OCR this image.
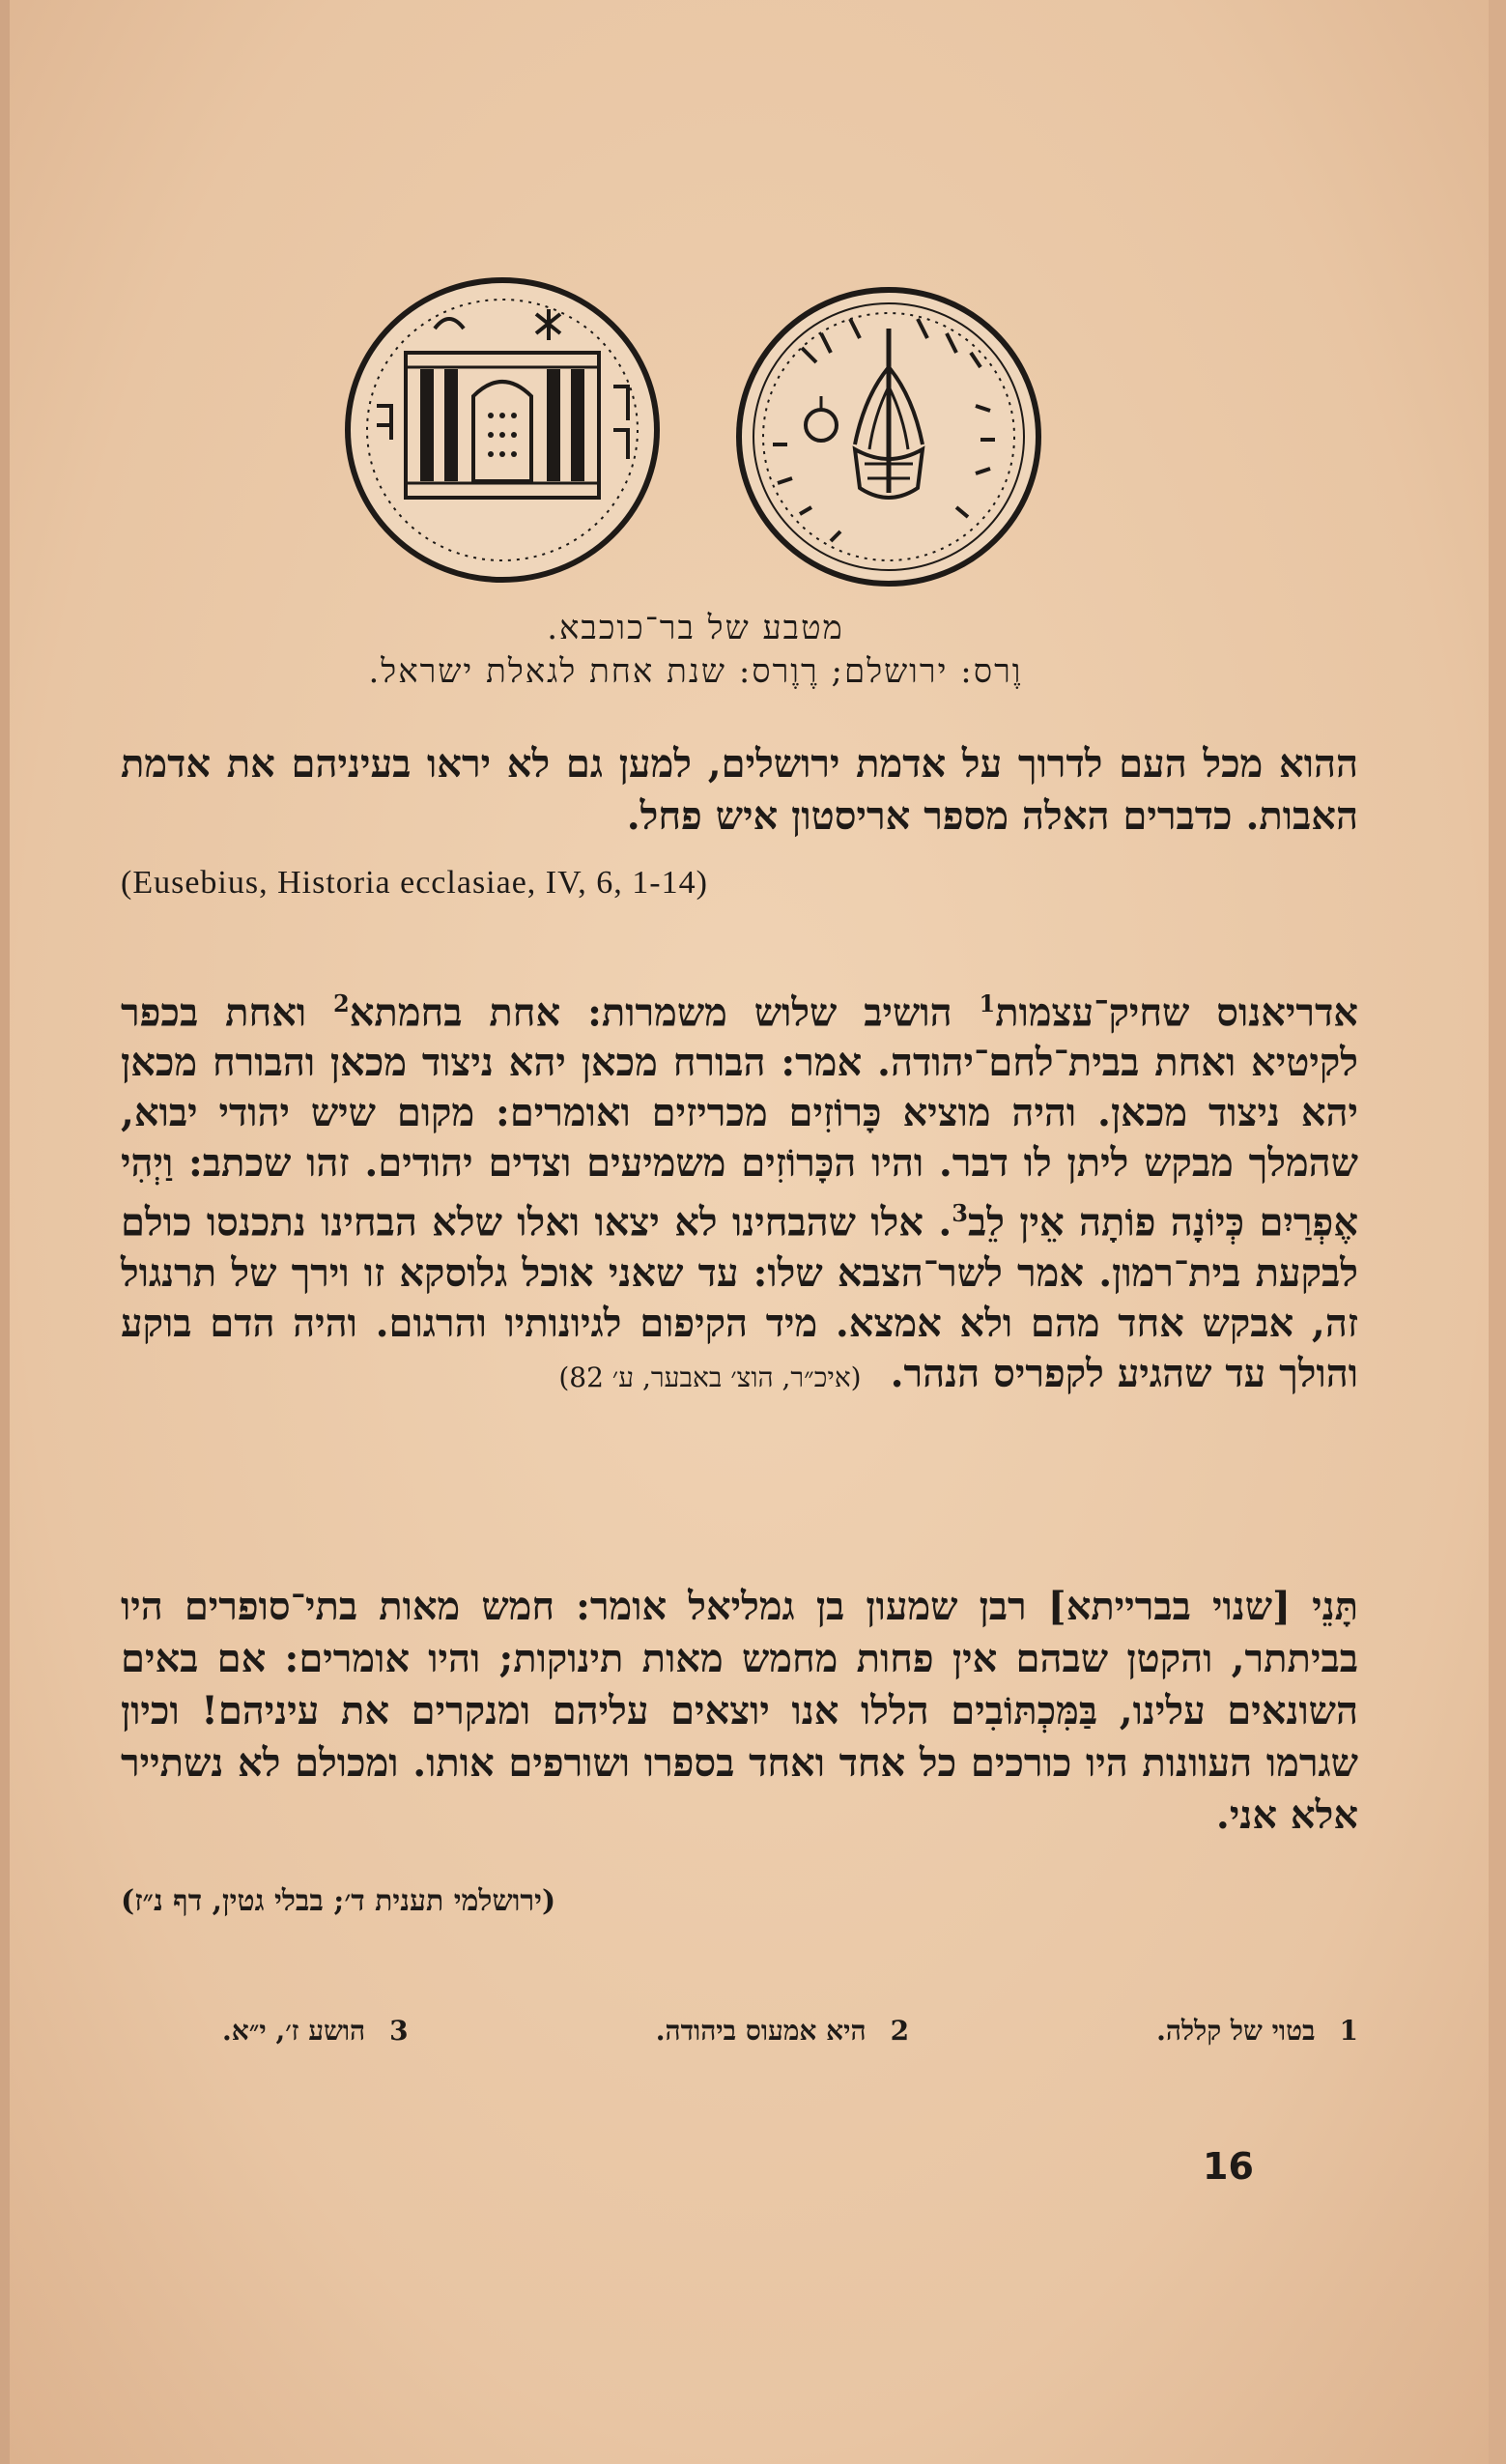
מטבע של בר־כוכבא.
וֶרס: ירושלם; רֶוֶרס: שנת אחת לגאלת ישראל.
ההוא מכל העם לדרוך על אדמת ירושלים, למען גם לא יראו בעיניהם את אדמת האבות. כדברים האלה מספר אריסטון איש פחל.
(Eusebius, Historia ecclasiae, IV, 6, 1-14)
אדריאנוס שחיק־עצמות$^1$ הושיב שלוש משמרות: אחת בחמתא$^2$ ואחת בכפר לקיטיא ואחת בבית־לחם־יהודה. אמר: הבורח מכאן יהא ניצוד מכאן והבורח מכאן יהא ניצוד מכאן. והיה מוציא כָּרוֹזִים מכריזים ואומרים: מקום שיש יהודי יבוא, שהמלך מבקש ליתן לו דבר. והיו הכָּרוֹזִים משמיעים וצדים יהודים. זהו שכתב: וַיְהִי אֶפְרַיִם כְּיוֹנָה פוֹתָה אֵין לֵב$^3$. אלו שהבחינו לא יצאו ואלו שלא הבחינו נתכנסו כולם לבקעת בית־רמון. אמר לשר־הצבא שלו: עד שאני אוכל גלוסקא זו וירך של תרנגול זה, אבקש אחד מהם ולא אמצא. מיד הקיפום לגיונותיו והרגום. והיה הדם בוקע והולך עד שהגיע לקפריס הנהר.(איכ״ר, הוצ׳ באבער, ע׳ 82)
תָּנֵי [שנוי בברייתא] רבן שמעון בן גמליאל אומר: חמש מאות בתי־סופרים היו בביתתר, והקטן שבהם אין פחות מחמש מאות תינוקות; והיו אומרים: אם באים השונאים עלינו, בַּמִּכְתּוֹבִים הללו אנו יוצאים עליהם ומנקרים את עיניהם! וכיון שגרמו העוונות היו כורכים כל אחד ואחד בספרו ושורפים אותו. ומכולם לא נשתייר אלא אני.
(ירושלמי תענית ד׳; בבלי גטין, דף נ״ז)
1בטוי של קללה.
2היא אמעוס ביהודה.
3הושע ז׳, י״א.
16
